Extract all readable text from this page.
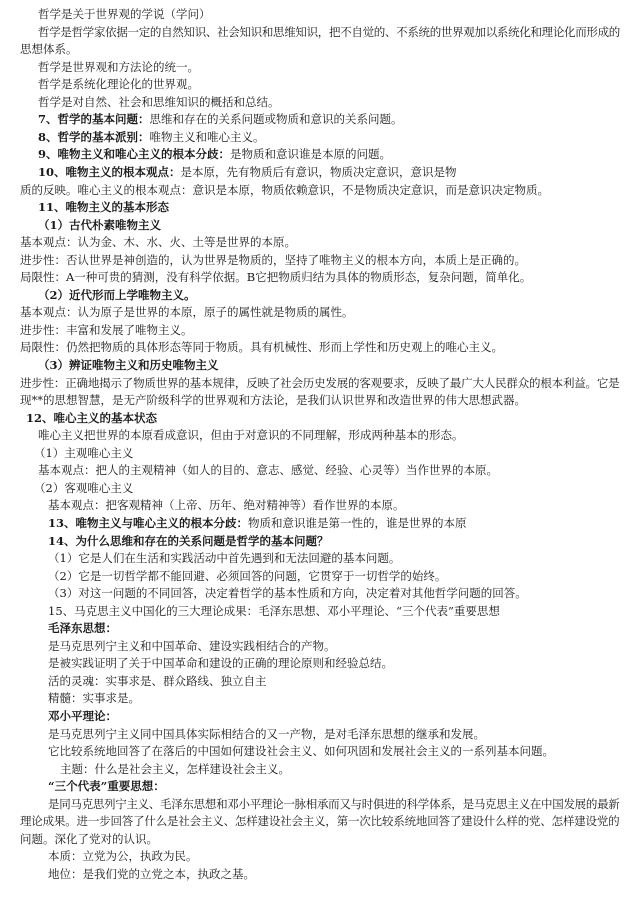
哲学是关于世界观的学说（学问）
哲学是哲学家依据一定的自然知识、社会知识和思维知识，把不自觉的、不系统的世界观加以系统化和理论化而形成的
思想体系。
哲学是世界观和方法论的统一。
哲学是系统化理论化的世界观。
哲学是对自然、社会和思维知识的概括和总结。
7、哲学的基本问题：思维和存在的关系问题或物质和意识的关系问题。
8、哲学的基本派别：唯物主义和唯心主义。
9、唯物主义和唯心主义的根本分歧：是物质和意识谁是本原的问题。
10、唯物主义的根本观点：是本原，先有物质后有意识，物质决定意识，意识是物
质的反映。唯心主义的根本观点：意识是本原，物质依赖意识，不是物质决定意识，而是意识决定物质。
11、唯物主义的基本形态
（1）古代朴素唯物主义
基本观点：认为金、木、水、火、土等是世界的本原。
进步性：否认世界是神创造的，认为世界是物质的，坚持了唯物主义的根本方向，本质上是正确的。
局限性：A一种可贵的猜测，没有科学依据。B它把物质归结为具体的物质形态，复杂问题，简单化。
（2）近代形而上学唯物主义。
基本观点：认为原子是世界的本原，原子的属性就是物质的属性。
进步性：丰富和发展了唯物主义。
局限性：仍然把物质的具体形态等同于物质。具有机械性、形而上学性和历史观上的唯心主义。
（3）辨证唯物主义和历史唯物主义
进步性：正确地揭示了物质世界的基本规律，反映了社会历史发展的客观要求，反映了最广大人民群众的根本利益。它是
现**的思想智慧，是无产阶级科学的世界观和方法论，是我们认识世界和改造世界的伟大思想武器。
12、唯心主义的基本状态
唯心主义把世界的本原看成意识，但由于对意识的不同理解，形成两种基本的形态。
（1）主观唯心主义
基本观点：把人的主观精神（如人的目的、意志、感觉、经验、心灵等）当作世界的本原。
（2）客观唯心主义
基本观点：把客观精神（上帝、历年、绝对精神等）看作世界的本原。
13、唯物主义与唯心主义的根本分歧：物质和意识谁是第一性的，谁是世界的本原
14、为什么思维和存在的关系问题是哲学的基本问题？
（1）它是人们在生活和实践活动中首先遇到和无法回避的基本问题。
（2）它是一切哲学都不能回避、必须回答的问题，它贯穿于一切哲学的始终。
（3）对这一问题的不同回答，决定着哲学的基本性质和方向，决定着对其他哲学问题的回答。
15、马克思主义中国化的三大理论成果：毛泽东思想、邓小平理论、“三个代表”重要思想
毛泽东思想：
是马克思列宁主义和中国革命、建设实践相结合的产物。
是被实践证明了关于中国革命和建设的正确的理论原则和经验总结。
活的灵魂：实事求是、群众路线、独立自主
精髓：实事求是。
邓小平理论：
是马克思列宁主义同中国具体实际相结合的又一产物，是对毛泽东思想的继承和发展。
它比较系统地回答了在落后的中国如何建设社会主义、如何巩固和发展社会主义的一系列基本问题。
主题：什么是社会主义，怎样建设社会主义。
“三个代表”重要思想：
是同马克思列宁主义、毛泽东思想和邓小平理论一脉相承而又与时俱进的科学体系，是马克思主义在中国发展的最新
理论成果。进一步回答了什么是社会主义、怎样建设社会主义，第一次比较系统地回答了建设什么样的党、怎样建设党的
问题。深化了党对的认识。
本质：立党为公，执政为民。
地位：是我们党的立党之本，执政之基。
